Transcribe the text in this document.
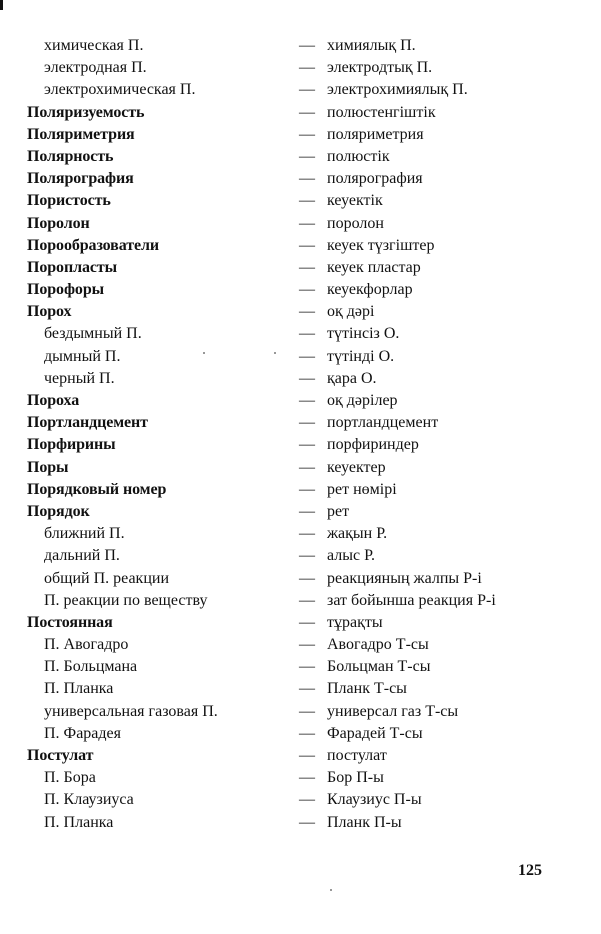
химическая П.	— химиялық П.
электродная П.	— электродтық П.
электрохимическая П.	— электрохимиялық П.
Поляризуемость	— полюстенгіштік
Поляриметрия	— поляриметрия
Полярность	— полюстік
Полярография	— полярография
Пористость	— кеуектік
Поролон	— поролон
Порообразователи	— кеуек түзгіштер
Поропласты	— кеуек пластар
Порофоры	— кеуекфорлар
Порох	— оқ дәрі
бездымный П.	— түтінсіз О.
дымный П.	— түтінді О.
черный П.	— қара О.
Пороха	— оқ дәрілер
Портландцемент	— портландцемент
Порфирины	— порфириндер
Поры	— кеуектер
Порядковый номер	— рет нөмірі
Порядок	— рет
ближний П.	— жақын Р.
дальний П.	— алыс Р.
общий П. реакции	— реакцияның жалпы Р-і
П. реакции по веществу	— зат бойынша реакция Р-і
Постоянная	— тұрақты
П. Авогадро	— Авогадро Т-сы
П. Больцмана	— Больцман Т-сы
П. Планка	— Планк Т-сы
универсальная газовая П.	— универсал газ Т-сы
П. Фарадея	— Фарадей Т-сы
Постулат	— постулат
П. Бора	— Бор П-ы
П. Клаузиуса	— Клаузиус П-ы
П. Планка	— Планк П-ы
125
